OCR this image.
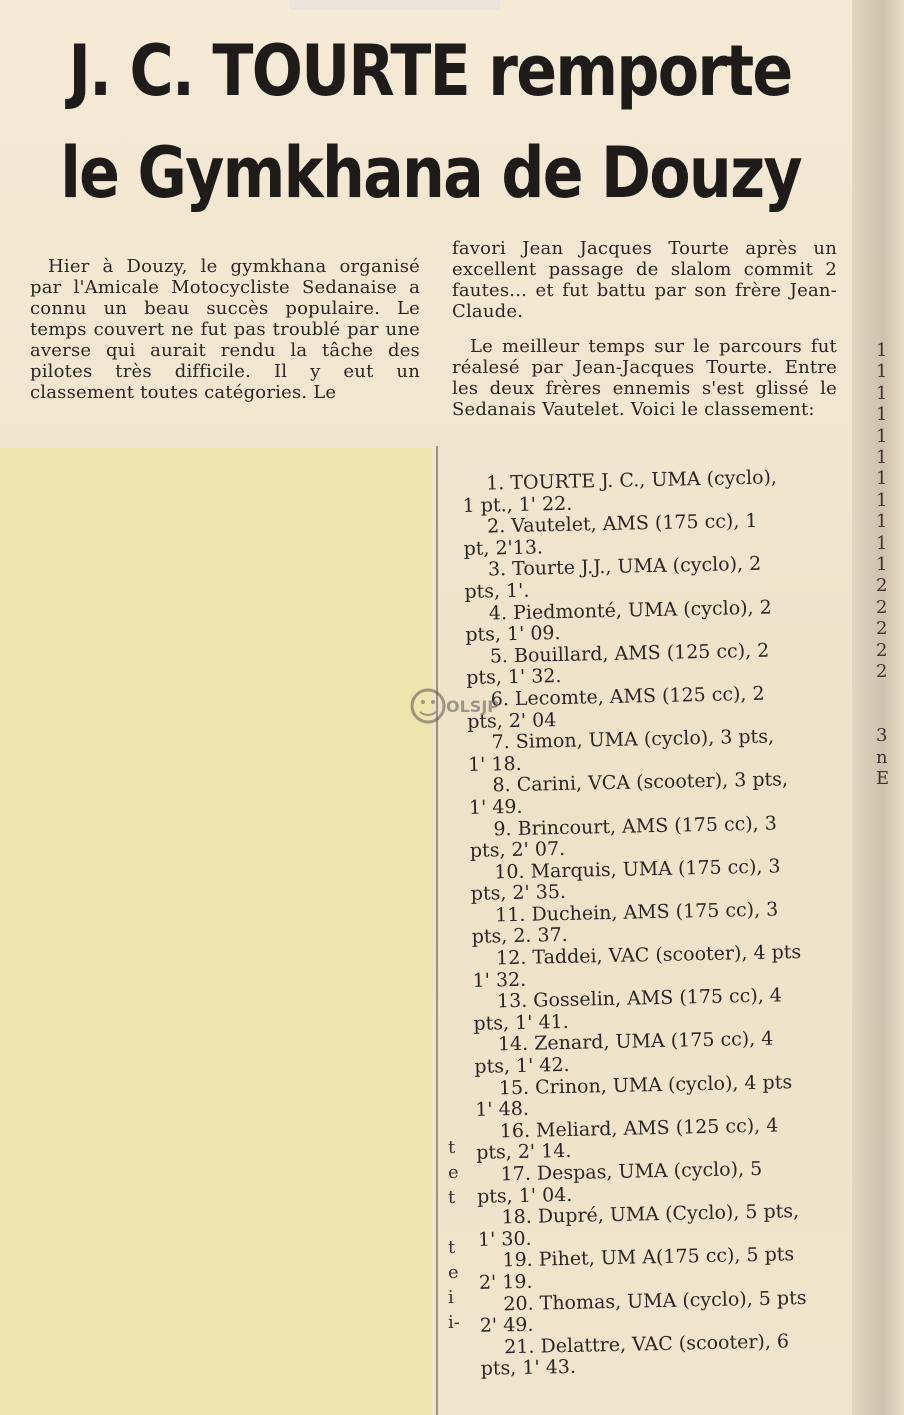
J. C. TOURTE remporte
le Gymkhana de Douzy

Hier à Douzy, le gymkhana organisé par l'Amicale Motocycliste Sedanaise a connu un beau succès populaire. Le temps couvert ne fut pas troublé par une averse qui aurait rendu la tâche des pilotes très difficile. Il y eut un classement toutes catégories. Le

favori Jean Jacques Tourte après un excellent passage de slalom commit 2 fautes... et fut battu par son frère Jean-Claude.

Le meilleur temps sur le parcours fut réalesé par Jean-Jacques Tourte. Entre les deux frères ennemis s'est glissé le Sedanais Vautelet. Voici le classement:

1. TOURTE J. C., UMA (cyclo),
1 pt., 1' 22.
2. Vautelet, AMS (175 cc), 1
pt, 2'13.
3. Tourte J.J., UMA (cyclo), 2
pts, 1'.
4. Piedmonté, UMA (cyclo), 2
pts, 1' 09.
5. Bouillard, AMS (125 cc), 2
pts, 1' 32.
6. Lecomte, AMS (125 cc), 2
pts, 2' 04
7. Simon, UMA (cyclo), 3 pts,
1' 18.
8. Carini, VCA (scooter), 3 pts,
1' 49.
9. Brincourt, AMS (175 cc), 3
pts, 2' 07.
10. Marquis, UMA (175 cc), 3
pts, 2' 35.
11. Duchein, AMS (175 cc), 3
pts, 2. 37.
12. Taddei, VAC (scooter), 4 pts
1' 32.
13. Gosselin, AMS (175 cc), 4
pts, 1' 41.
14. Zenard, UMA (175 cc), 4
pts, 1' 42.
15. Crinon, UMA (cyclo), 4 pts
1' 48.
16. Meliard, AMS (125 cc), 4
pts, 2' 14.
17. Despas, UMA (cyclo), 5
pts, 1' 04.
18. Dupré, UMA (Cyclo), 5 pts,
1' 30.
19. Pihet, UM A(175 cc), 5 pts
2' 19.
20. Thomas, UMA (cyclo), 5 pts
2' 49.
21. Delattre, VAC (scooter), 6
pts, 1' 43.
1
1
1
1
1
1
1
1
1
1
1
2
2
2
2
2

3
n
E
t
e
t

t
e
i
i-
OLSJP
